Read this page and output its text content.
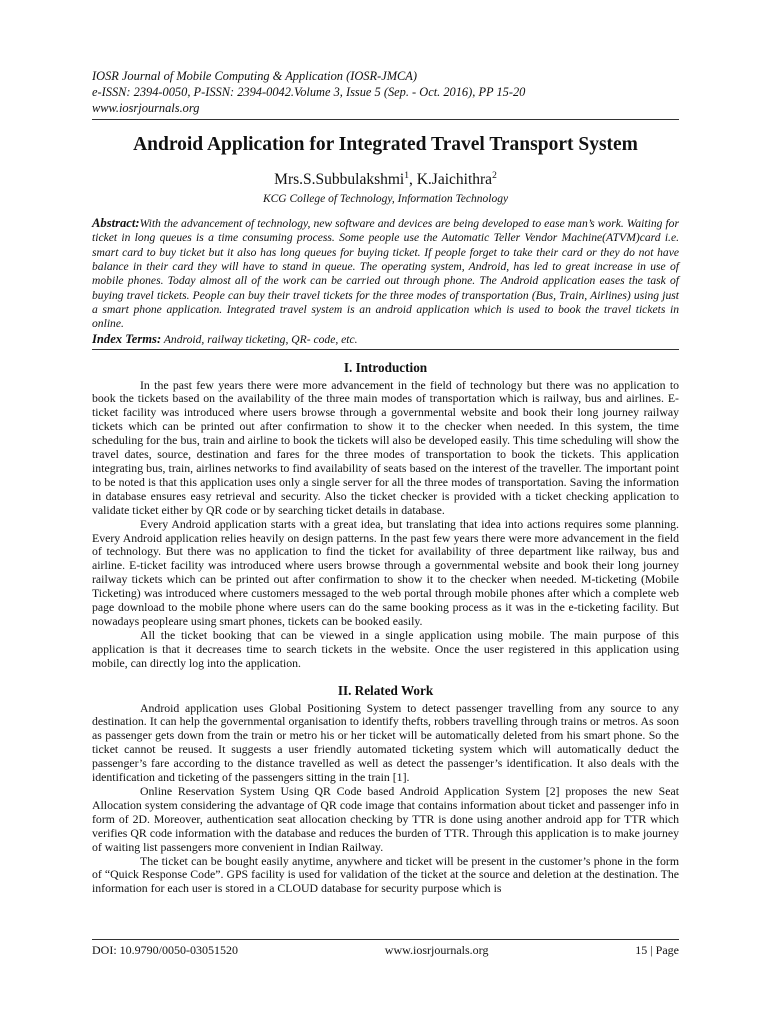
IOSR Journal of Mobile Computing & Application (IOSR-JMCA)
e-ISSN: 2394-0050, P-ISSN: 2394-0042.Volume 3, Issue 5 (Sep. - Oct. 2016), PP 15-20
www.iosrjournals.org
Android Application for Integrated Travel Transport System
Mrs.S.Subbulakshmi$^1$, K.Jaichithra$^2$
KCG College of Technology, Information Technology
Abstract:With the advancement of technology, new software and devices are being developed to ease man’s work. Waiting for ticket in long queues is a time consuming process. Some people use the Automatic Teller Vendor Machine(ATVM)card i.e. smart card to buy ticket but it also has long queues for buying ticket. If people forget to take their card or they do not have balance in their card they will have to stand in queue. The operating system, Android, has led to great increase in use of mobile phones. Today almost all of the work can be carried out through phone. The Android application eases the task of buying travel tickets. People can buy their travel tickets for the three modes of transportation (Bus, Train, Airlines) using just a smart phone application. Integrated travel system is an android application which is used to book the travel tickets in online.
Index Terms: Android, railway ticketing, QR- code, etc.
I. Introduction

In the past few years there were more advancement in the field of technology but there was no application to book the tickets based on the availability of the three main modes of transportation which is railway, bus and airlines. E-ticket facility was introduced where users browse through a governmental website and book their long journey railway tickets which can be printed out after confirmation to show it to the checker when needed. In this system, the time scheduling for the bus, train and airline to book the tickets will also be developed easily. This time scheduling will show the travel dates, source, destination and fares for the three modes of transportation to book the tickets. This application integrating bus, train, airlines networks to find availability of seats based on the interest of the traveller. The important point to be noted is that this application uses only a single server for all the three modes of transportation. Saving the information in database ensures easy retrieval and security. Also the ticket checker is provided with a ticket checking application to validate ticket either by QR code or by searching ticket details in database.

Every Android application starts with a great idea, but translating that idea into actions requires some planning. Every Android application relies heavily on design patterns. In the past few years there were more advancement in the field of technology. But there was no application to find the ticket for availability of three department like railway, bus and airline. E-ticket facility was introduced where users browse through a governmental website and book their long journey railway tickets which can be printed out after confirmation to show it to the checker when needed. M-ticketing (Mobile Ticketing) was introduced where customers messaged to the web portal through mobile phones after which a complete web page download to the mobile phone where users can do the same booking process as it was in the e-ticketing facility. But nowadays peopleare using smart phones, tickets can be booked easily.

All the ticket booking that can be viewed in a single application using mobile. The main purpose of this application is that it decreases time to search tickets in the website. Once the user registered in this application using mobile, can directly log into the application.

II. Related Work

Android application uses Global Positioning System to detect passenger travelling from any source to any destination. It can help the governmental organisation to identify thefts, robbers travelling through trains or metros. As soon as passenger gets down from the train or metro his or her ticket will be automatically deleted from his smart phone. So the ticket cannot be reused. It suggests a user friendly automated ticketing system which will automatically deduct the passenger’s fare according to the distance travelled as well as detect the passenger’s identification. It also deals with the identification and ticketing of the passengers sitting in the train [1].

Online Reservation System Using QR Code based Android Application System [2] proposes the new Seat Allocation system considering the advantage of QR code image that contains information about ticket and passenger info in form of 2D. Moreover, authentication seat allocation checking by TTR is done using another android app for TTR which verifies QR code information with the database and reduces the burden of TTR. Through this application is to make journey of waiting list passengers more convenient in Indian Railway.

The ticket can be bought easily anytime, anywhere and ticket will be present in the customer’s phone in the form of “Quick Response Code”. GPS facility is used for validation of the ticket at the source and deletion at the destination. The information for each user is stored in a CLOUD database for security purpose which is

DOI: 10.9790/0050-03051520	www.iosrjournals.org	15 | Page
